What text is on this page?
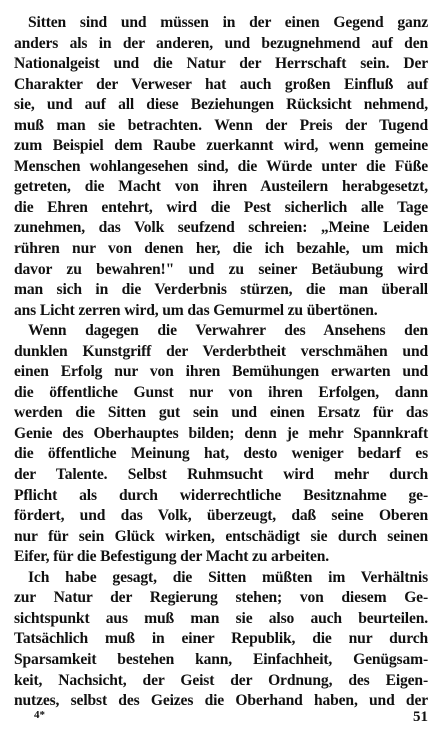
Sitten sind und müssen in der einen Gegend ganz
anders als in der anderen, und bezugnehmend auf den
Nationalgeist und die Natur der Herrschaft sein. Der
Charakter der Verweser hat auch großen Einfluß auf
sie, und auf all diese Beziehungen Rücksicht nehmend,
muß man sie betrachten. Wenn der Preis der Tugend
zum Beispiel dem Raube zuerkannt wird, wenn gemeine
Menschen wohlangesehen sind, die Würde unter die Füße
getreten, die Macht von ihren Austeilern herabgesetzt,
die Ehren entehrt, wird die Pest sicherlich alle Tage
zunehmen, das Volk seufzend schreien: „Meine Leiden
rühren nur von denen her, die ich bezahle, um mich
davor zu bewahren!" und zu seiner Betäubung wird
man sich in die Verderbnis stürzen, die man überall
ans Licht zerren wird, um das Gemurmel zu übertönen.
Wenn dagegen die Verwahrer des Ansehens den
dunklen Kunstgriff der Verderbtheit verschmähen und
einen Erfolg nur von ihren Bemühungen erwarten und
die öffentliche Gunst nur von ihren Erfolgen, dann
werden die Sitten gut sein und einen Ersatz für das
Genie des Oberhauptes bilden; denn je mehr Spannkraft
die öffentliche Meinung hat, desto weniger bedarf es
der Talente. Selbst Ruhmsucht wird mehr durch
Pflicht als durch widerrechtliche Besitznahme ge-
fördert, und das Volk, überzeugt, daß seine Oberen
nur für sein Glück wirken, entschädigt sie durch seinen
Eifer, für die Befestigung der Macht zu arbeiten.
Ich habe gesagt, die Sitten müßten im Verhältnis
zur Natur der Regierung stehen; von diesem Ge-
sichtspunkt aus muß man sie also auch beurteilen.
Tatsächlich muß in einer Republik, die nur durch
Sparsamkeit bestehen kann, Einfachheit, Genügsam-
keit, Nachsicht, der Geist der Ordnung, des Eigen-
nutzes, selbst des Geizes die Oberhand haben, und der
4*	51
